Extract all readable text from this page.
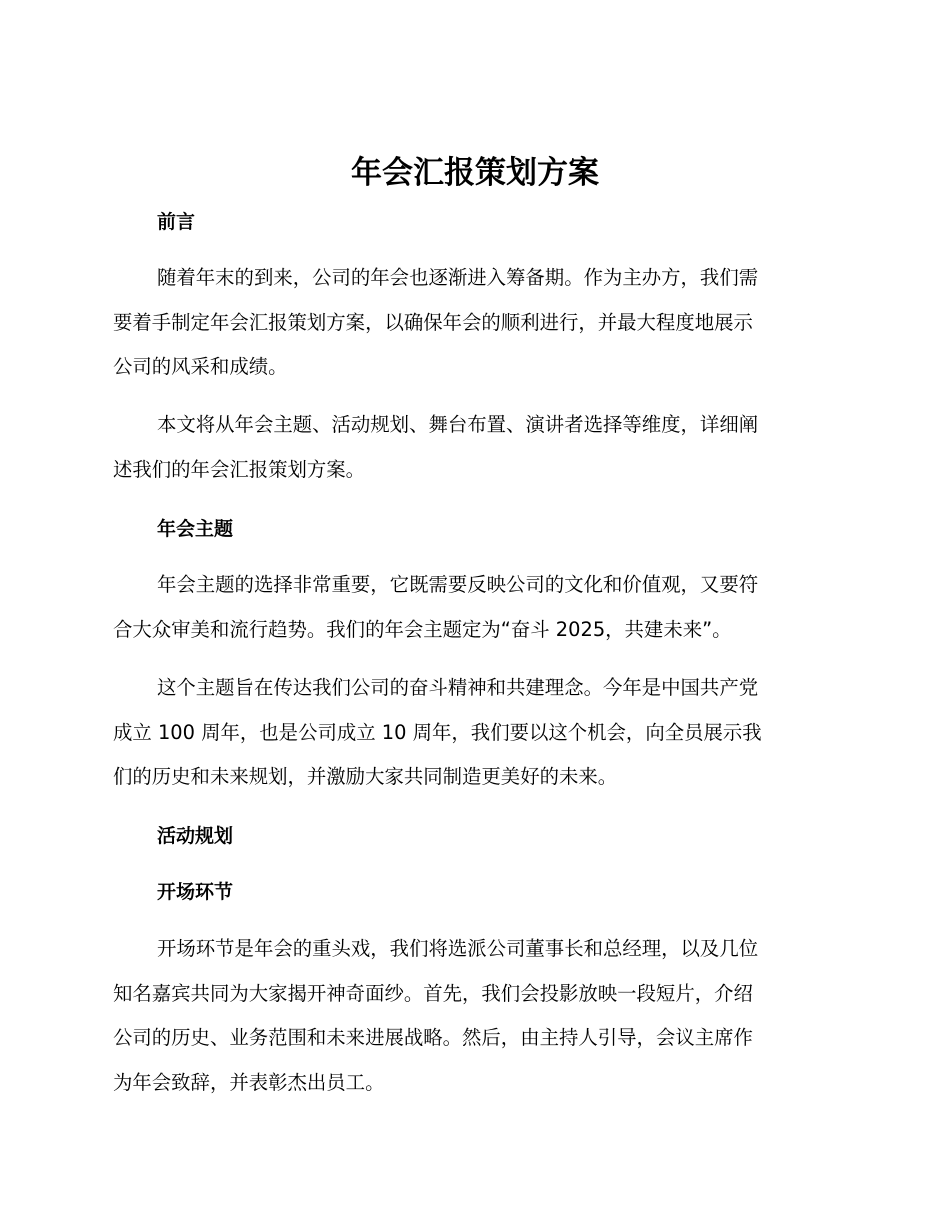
年会汇报策划方案
前言

随着年末的到来，公司的年会也逐渐进入筹备期。作为主办方，我们需
要着手制定年会汇报策划方案，以确保年会的顺利进行，并最大程度地展示
公司的风采和成绩。

本文将从年会主题、活动规划、舞台布置、演讲者选择等维度，详细阐
述我们的年会汇报策划方案。

年会主题

年会主题的选择非常重要，它既需要反映公司的文化和价值观，又要符
合大众审美和流行趋势。我们的年会主题定为“奋斗 2025，共建未来”。

这个主题旨在传达我们公司的奋斗精神和共建理念。今年是中国共产党
成立 100 周年，也是公司成立 10 周年，我们要以这个机会，向全员展示我
们的历史和未来规划，并激励大家共同制造更美好的未来。

活动规划
开场环节

开场环节是年会的重头戏，我们将选派公司董事长和总经理，以及几位
知名嘉宾共同为大家揭开神奇面纱。首先，我们会投影放映一段短片，介绍
公司的历史、业务范围和未来进展战略。然后，由主持人引导，会议主席作
为年会致辞，并表彰杰出员工。
